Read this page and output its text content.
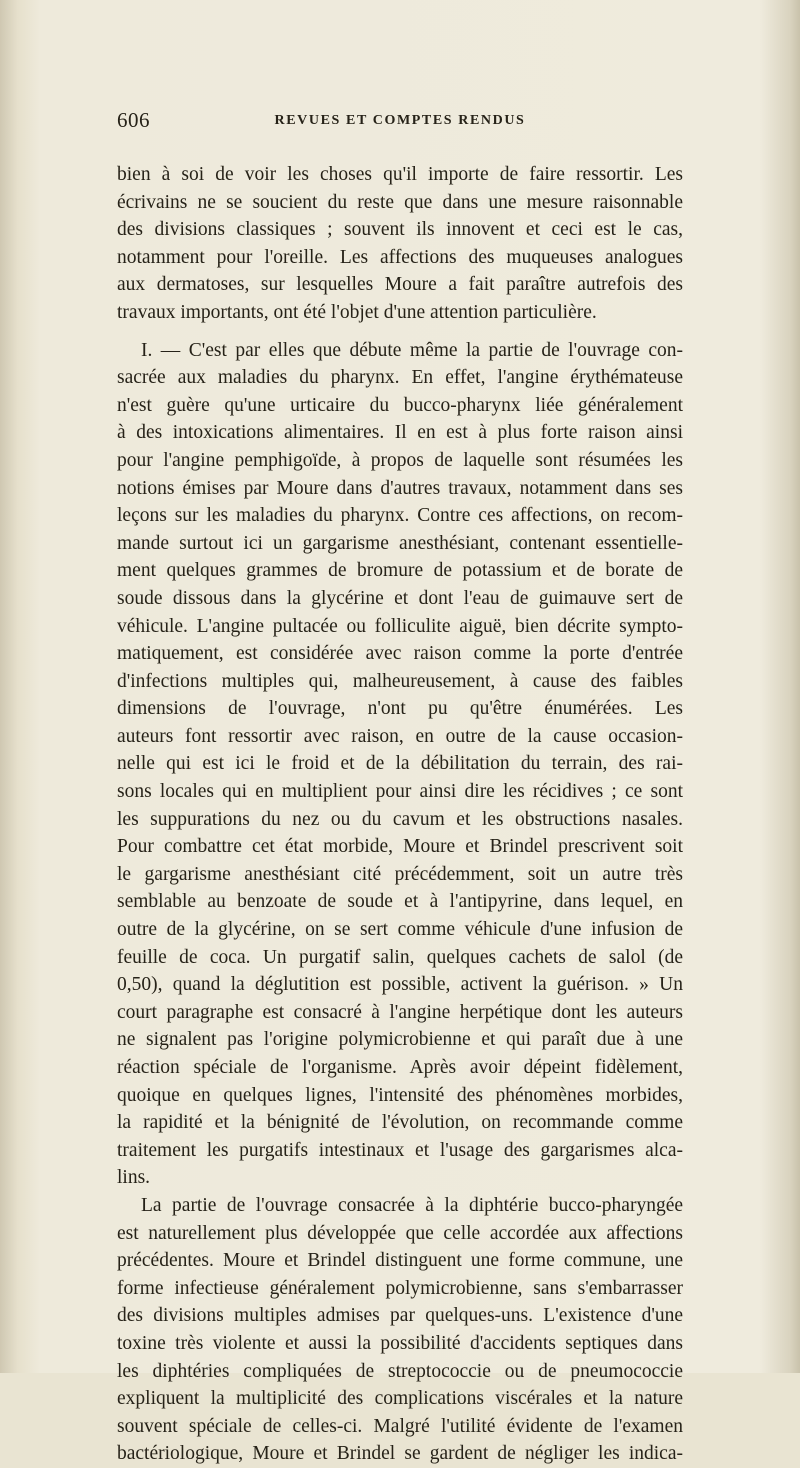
606	REVUES ET COMPTES RENDUS
bien à soi de voir les choses qu'il importe de faire ressortir. Les
écrivains ne se soucient du reste que dans une mesure raisonnable
des divisions classiques ; souvent ils innovent et ceci est le cas,
notamment pour l'oreille. Les affections des muqueuses analogues
aux dermatoses, sur lesquelles Moure a fait paraître autrefois des
travaux importants, ont été l'objet d'une attention particulière.
I. — C'est par elles que débute même la partie de l'ouvrage con-
sacrée aux maladies du pharynx. En effet, l'angine érythémateuse
n'est guère qu'une urticaire du bucco-pharynx liée généralement
à des intoxications alimentaires. Il en est à plus forte raison ainsi
pour l'angine pemphigoïde, à propos de laquelle sont résumées les
notions émises par Moure dans d'autres travaux, notamment dans ses
leçons sur les maladies du pharynx. Contre ces affections, on recom-
mande surtout ici un gargarisme anesthésiant, contenant essentielle-
ment quelques grammes de bromure de potassium et de borate de
soude dissous dans la glycérine et dont l'eau de guimauve sert de
véhicule. L'angine pultacée ou folliculite aiguë, bien décrite sympto-
matiquement, est considérée avec raison comme la porte d'entrée
d'infections multiples qui, malheureusement, à cause des faibles
dimensions de l'ouvrage, n'ont pu qu'être énumérées. Les
auteurs font ressortir avec raison, en outre de la cause occasion-
nelle qui est ici le froid et de la débilitation du terrain, des rai-
sons locales qui en multiplient pour ainsi dire les récidives ; ce sont
les suppurations du nez ou du cavum et les obstructions nasales.
Pour combattre cet état morbide, Moure et Brindel prescrivent soit
le gargarisme anesthésiant cité précédemment, soit un autre très
semblable au benzoate de soude et à l'antipyrine, dans lequel, en
outre de la glycérine, on se sert comme véhicule d'une infusion de
feuille de coca. Un purgatif salin, quelques cachets de salol (de
0,50), quand la déglutition est possible, activent la guérison. » Un
court paragraphe est consacré à l'angine herpétique dont les auteurs
ne signalent pas l'origine polymicrobienne et qui paraît due à une
réaction spéciale de l'organisme. Après avoir dépeint fidèlement,
quoique en quelques lignes, l'intensité des phénomènes morbides,
la rapidité et la bénignité de l'évolution, on recommande comme
traitement les purgatifs intestinaux et l'usage des gargarismes alca-
lins.
La partie de l'ouvrage consacrée à la diphtérie bucco-pharyngée
est naturellement plus développée que celle accordée aux affections
précédentes. Moure et Brindel distinguent une forme commune, une
forme infectieuse généralement polymicrobienne, sans s'embarrasser
des divisions multiples admises par quelques-uns. L'existence d'une
toxine très violente et aussi la possibilité d'accidents septiques dans
les diphtéries compliquées de streptococcie ou de pneumococcie
expliquent la multiplicité des complications viscérales et la nature
souvent spéciale de celles-ci. Malgré l'utilité évidente de l'examen
bactériologique, Moure et Brindel se gardent de négliger les indica-
